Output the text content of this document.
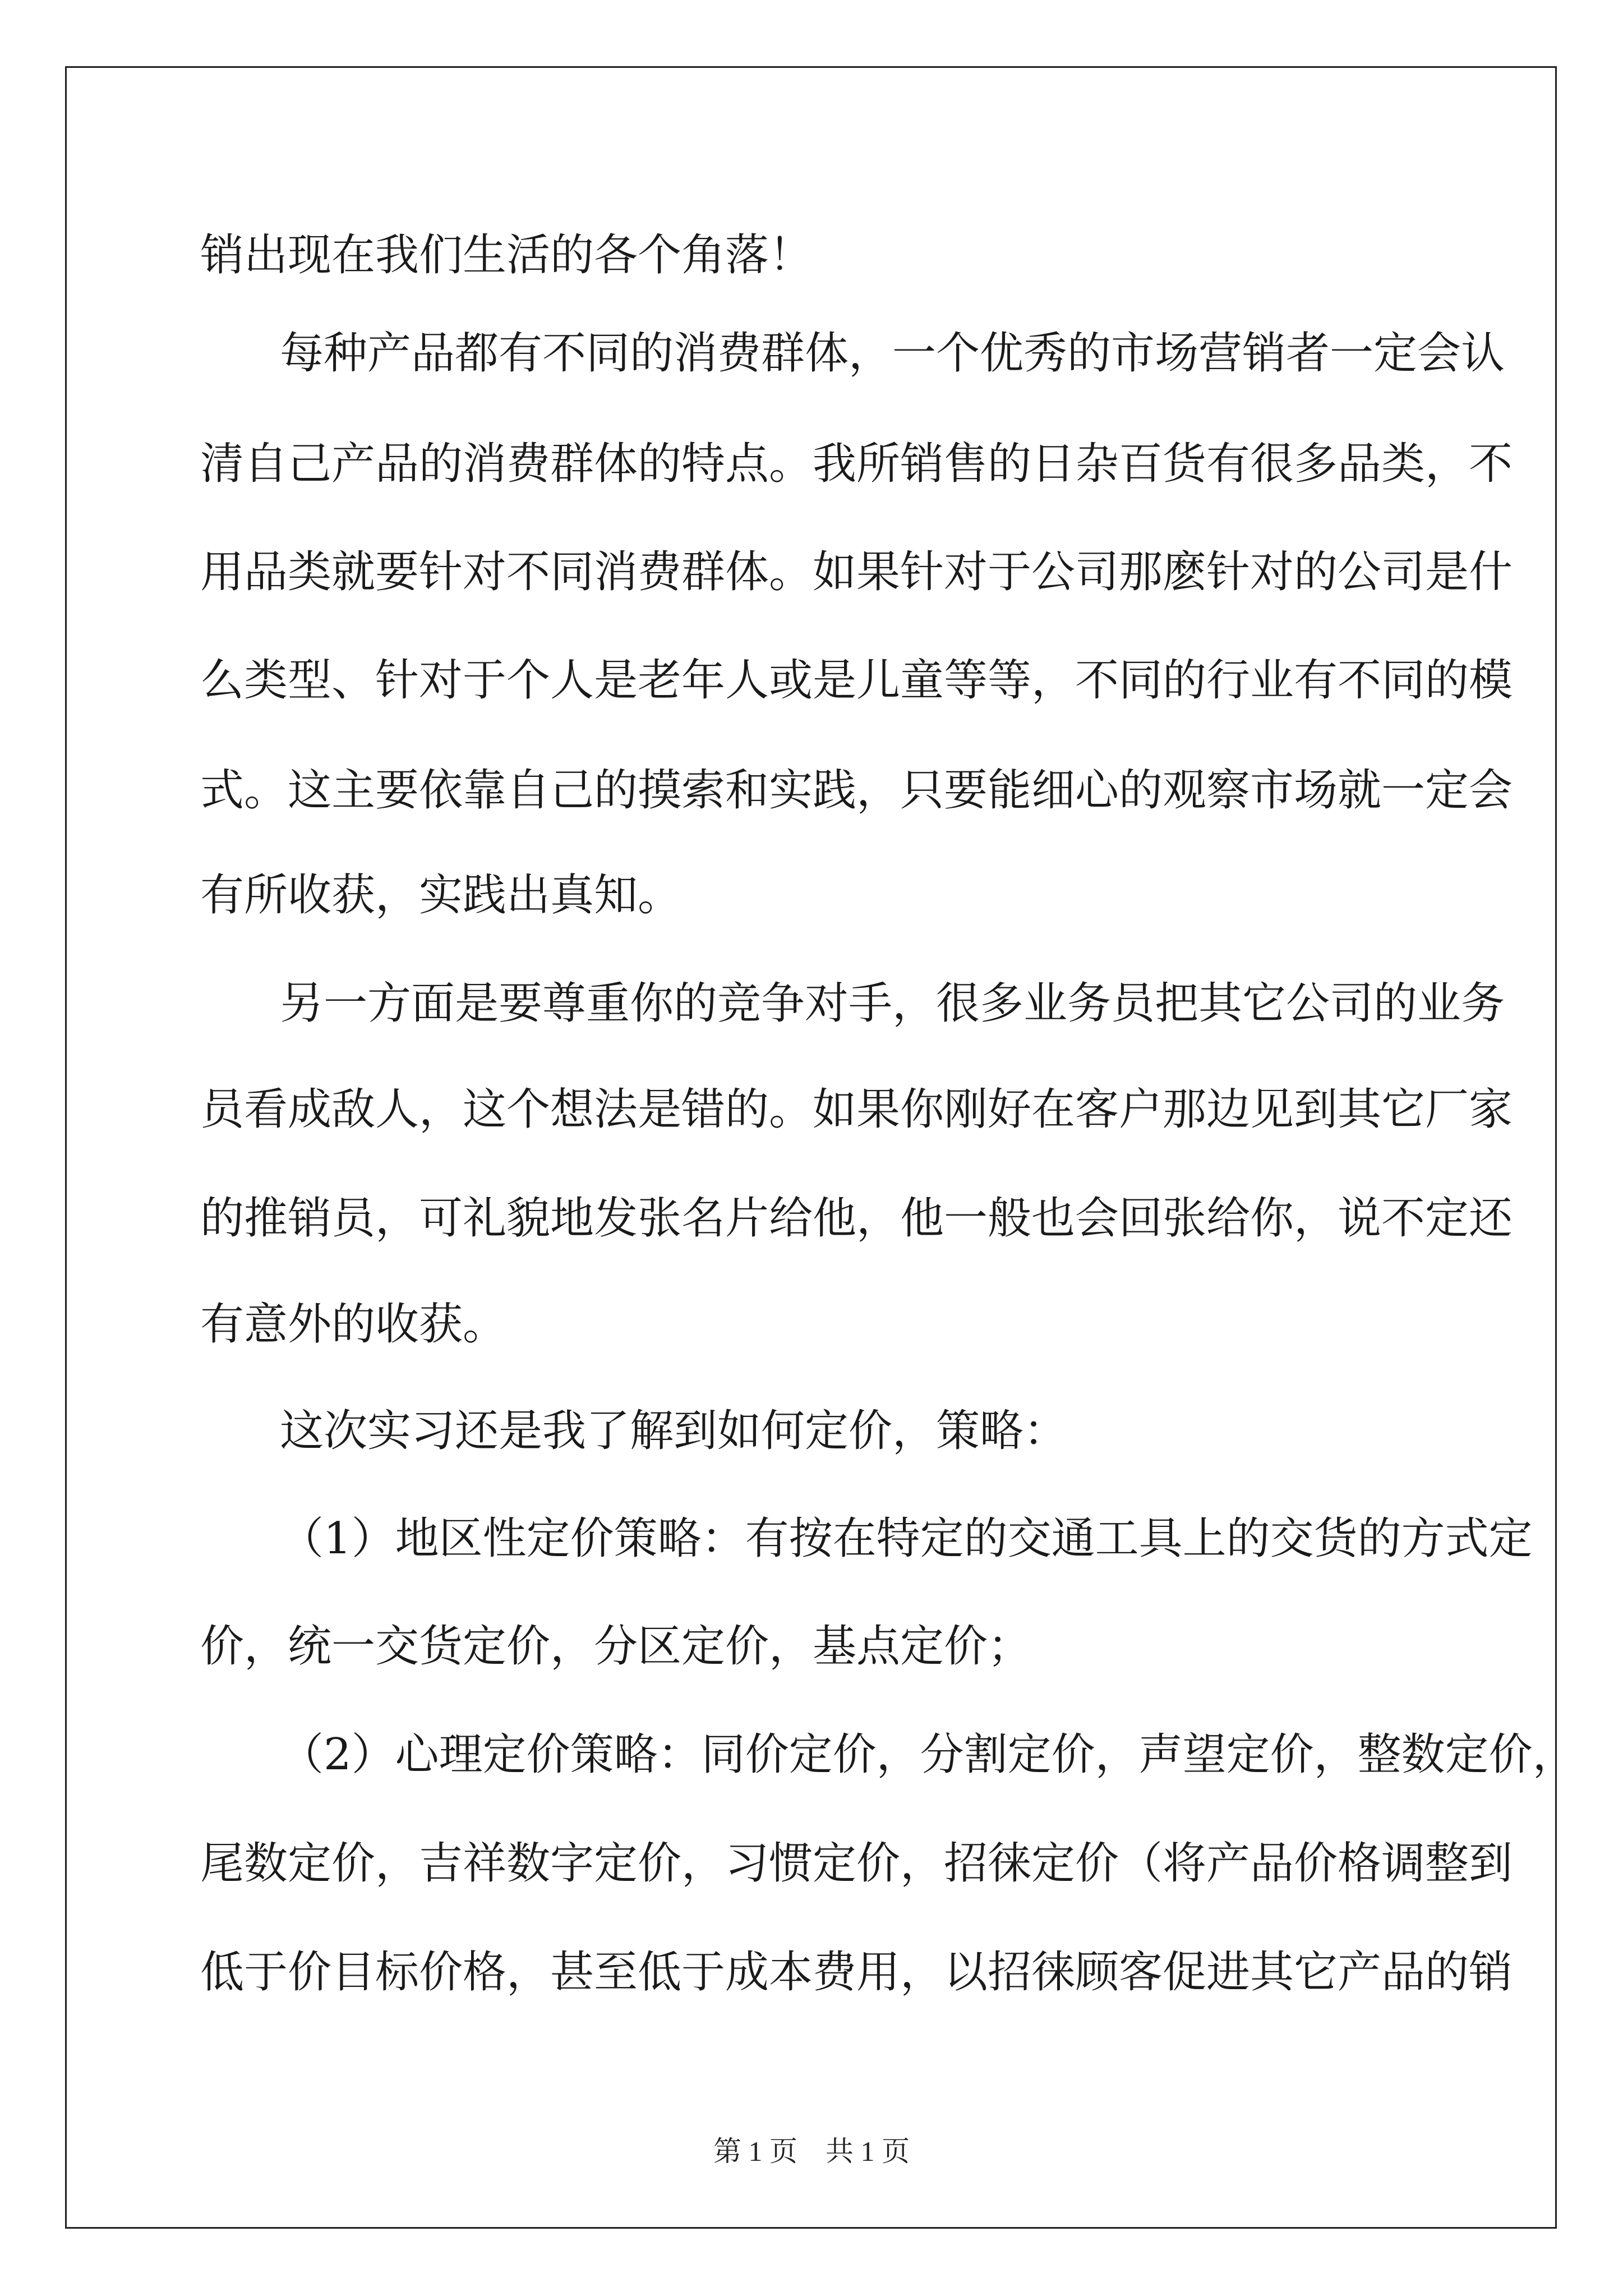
销出现在我们生活的各个角落！
每种产品都有不同的消费群体，一个优秀的市场营销者一定会认
清自己产品的消费群体的特点。我所销售的日杂百货有很多品类，不
用品类就要针对不同消费群体。如果针对于公司那麽针对的公司是什
么类型、针对于个人是老年人或是儿童等等，不同的行业有不同的模
式。这主要依靠自己的摸索和实践，只要能细心的观察市场就一定会
有所收获，实践出真知。
另一方面是要尊重你的竞争对手，很多业务员把其它公司的业务
员看成敌人，这个想法是错的。如果你刚好在客户那边见到其它厂家
的推销员，可礼貌地发张名片给他，他一般也会回张给你，说不定还
有意外的收获。
这次实习还是我了解到如何定价，策略：
（1）地区性定价策略：有按在特定的交通工具上的交货的方式定
价，统一交货定价，分区定价，基点定价；
（2）心理定价策略：同价定价，分割定价，声望定价，整数定价，
尾数定价，吉祥数字定价，习惯定价，招徕定价（将产品价格调整到
低于价目标价格，甚至低于成本费用，以招徕顾客促进其它产品的销
第 1 页　共 1 页
